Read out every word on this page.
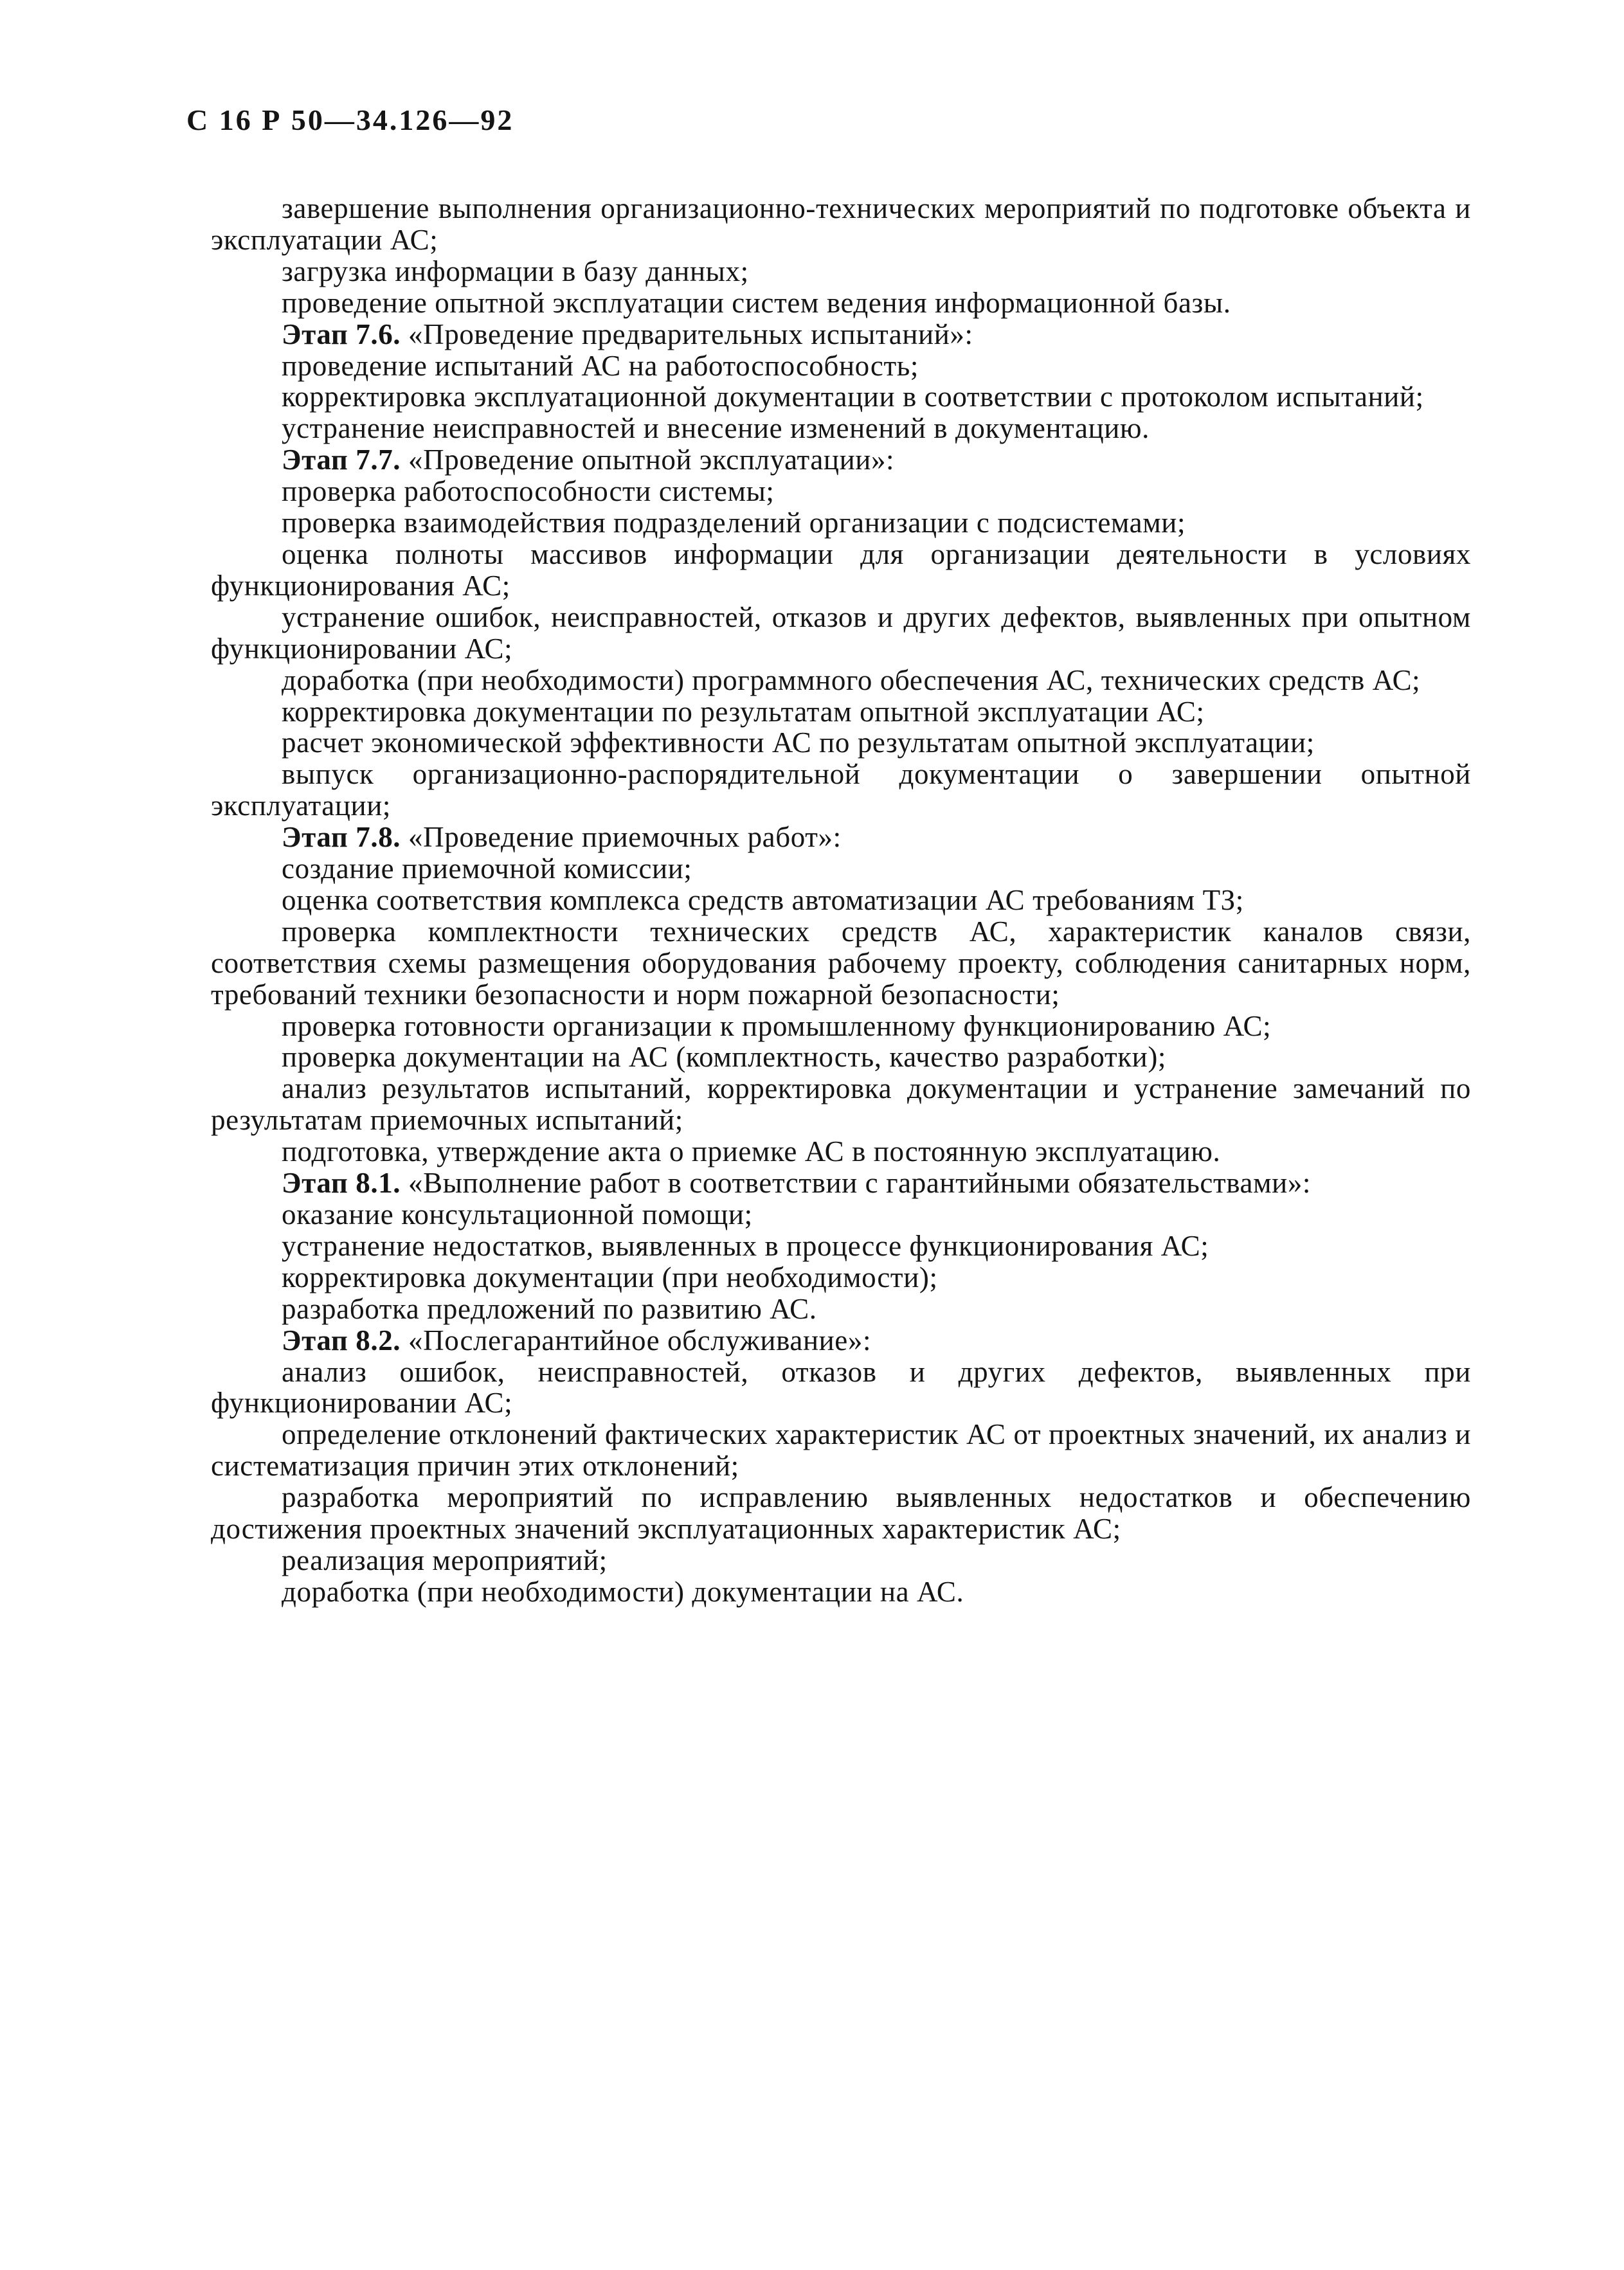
С 16 Р 50—34.126—92

завершение выполнения организационно-технических мероприятий по подготовке объекта и эксплуатации АС;

загрузка информации в базу данных;

проведение опытной эксплуатации систем ведения информационной базы.

Этап 7.6. «Проведение предварительных испытаний»:

проведение испытаний АС на работоспособность;

корректировка эксплуатационной документации в соответствии с протоколом испытаний;

устранение неисправностей и внесение изменений в документацию.

Этап 7.7. «Проведение опытной эксплуатации»:

проверка работоспособности системы;

проверка взаимодействия подразделений организации с подсистемами;

оценка полноты массивов информации для организации деятельности в условиях функционирования АС;

устранение ошибок, неисправностей, отказов и других дефектов, выявленных при опытном функционировании АС;

доработка (при необходимости) программного обеспечения АС, технических средств АС;

корректировка документации по результатам опытной эксплуатации АС;

расчет экономической эффективности АС по результатам опытной эксплуатации;

выпуск организационно-распорядительной документации о завершении опытной эксплуатации;

Этап 7.8. «Проведение приемочных работ»:

создание приемочной комиссии;

оценка соответствия комплекса средств автоматизации АС требованиям ТЗ;

проверка комплектности технических средств АС, характеристик каналов связи, соответствия схемы размещения оборудования рабочему проекту, соблюдения санитарных норм, требований техники безопасности и норм пожарной безопасности;

проверка готовности организации к промышленному функционированию АС;

проверка документации на АС (комплектность, качество разработки);

анализ результатов испытаний, корректировка документации и устранение замечаний по результатам приемочных испытаний;

подготовка, утверждение акта о приемке АС в постоянную эксплуатацию.

Этап 8.1. «Выполнение работ в соответствии с гарантийными обязательствами»:

оказание консультационной помощи;

устранение недостатков, выявленных в процессе функционирования АС;

корректировка документации (при необходимости);

разработка предложений по развитию АС.

Этап 8.2. «Послегарантийное обслуживание»:

анализ ошибок, неисправностей, отказов и других дефектов, выявленных при функционировании АС;

определение отклонений фактических характеристик АС от проектных значений, их анализ и систематизация причин этих отклонений;

разработка мероприятий по исправлению выявленных недостатков и обеспечению достижения проектных значений эксплуатационных характеристик АС;

реализация мероприятий;

доработка (при необходимости) документации на АС.
